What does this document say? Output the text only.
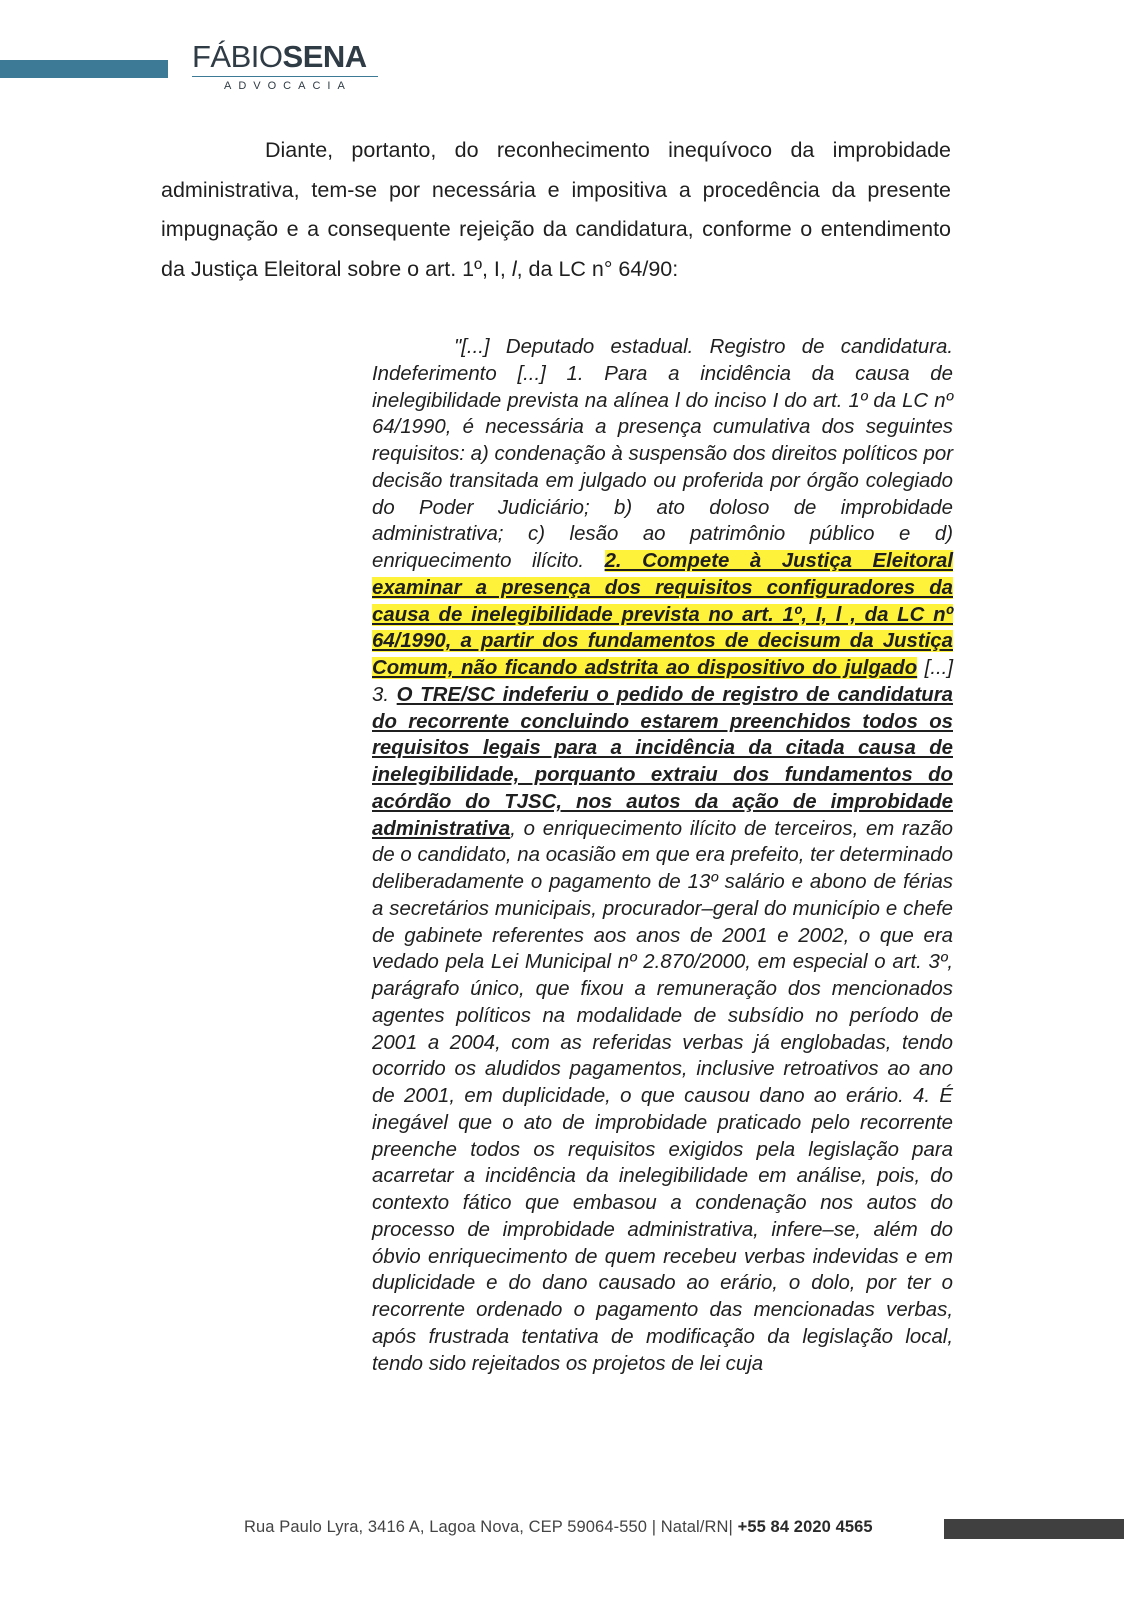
FÁBIOSENA
ADVOCACIA
Diante, portanto, do reconhecimento inequívoco da improbidade administrativa, tem-se por necessária e impositiva a procedência da presente impugnação e a consequente rejeição da candidatura, conforme o entendimento da Justiça Eleitoral sobre o art. 1º, I, l, da LC n° 64/90:
"[...] Deputado estadual. Registro de candidatura. Indeferimento [...] 1. Para a incidência da causa de inelegibilidade prevista na alínea l do inciso I do art. 1º da LC nº 64/1990, é necessária a presença cumulativa dos seguintes requisitos: a) condenação à suspensão dos direitos políticos por decisão transitada em julgado ou proferida por órgão colegiado do Poder Judiciário; b) ato doloso de improbidade administrativa; c) lesão ao patrimônio público e d) enriquecimento ilícito. 2. Compete à Justiça Eleitoral examinar a presença dos requisitos configuradores da causa de inelegibilidade prevista no art. 1º, I, l , da LC nº 64/1990, a partir dos fundamentos de decisum da Justiça Comum, não ficando adstrita ao dispositivo do julgado [...] 3. O TRE/SC indeferiu o pedido de registro de candidatura do recorrente concluindo estarem preenchidos todos os requisitos legais para a incidência da citada causa de inelegibilidade, porquanto extraiu dos fundamentos do acórdão do TJSC, nos autos da ação de improbidade administrativa, o enriquecimento ilícito de terceiros, em razão de o candidato, na ocasião em que era prefeito, ter determinado deliberadamente o pagamento de 13º salário e abono de férias a secretários municipais, procurador–geral do município e chefe de gabinete referentes aos anos de 2001 e 2002, o que era vedado pela Lei Municipal nº 2.870/2000, em especial o art. 3º, parágrafo único, que fixou a remuneração dos mencionados agentes políticos na modalidade de subsídio no período de 2001 a 2004, com as referidas verbas já englobadas, tendo ocorrido os aludidos pagamentos, inclusive retroativos ao ano de 2001, em duplicidade, o que causou dano ao erário. 4. É inegável que o ato de improbidade praticado pelo recorrente preenche todos os requisitos exigidos pela legislação para acarretar a incidência da inelegibilidade em análise, pois, do contexto fático que embasou a condenação nos autos do processo de improbidade administrativa, infere–se, além do óbvio enriquecimento de quem recebeu verbas indevidas e em duplicidade e do dano causado ao erário, o dolo, por ter o recorrente ordenado o pagamento das mencionadas verbas, após frustrada tentativa de modificação da legislação local, tendo sido rejeitados os projetos de lei cuja
Rua Paulo Lyra, 3416 A, Lagoa Nova, CEP 59064-550 | Natal/RN| +55 84 2020 4565
